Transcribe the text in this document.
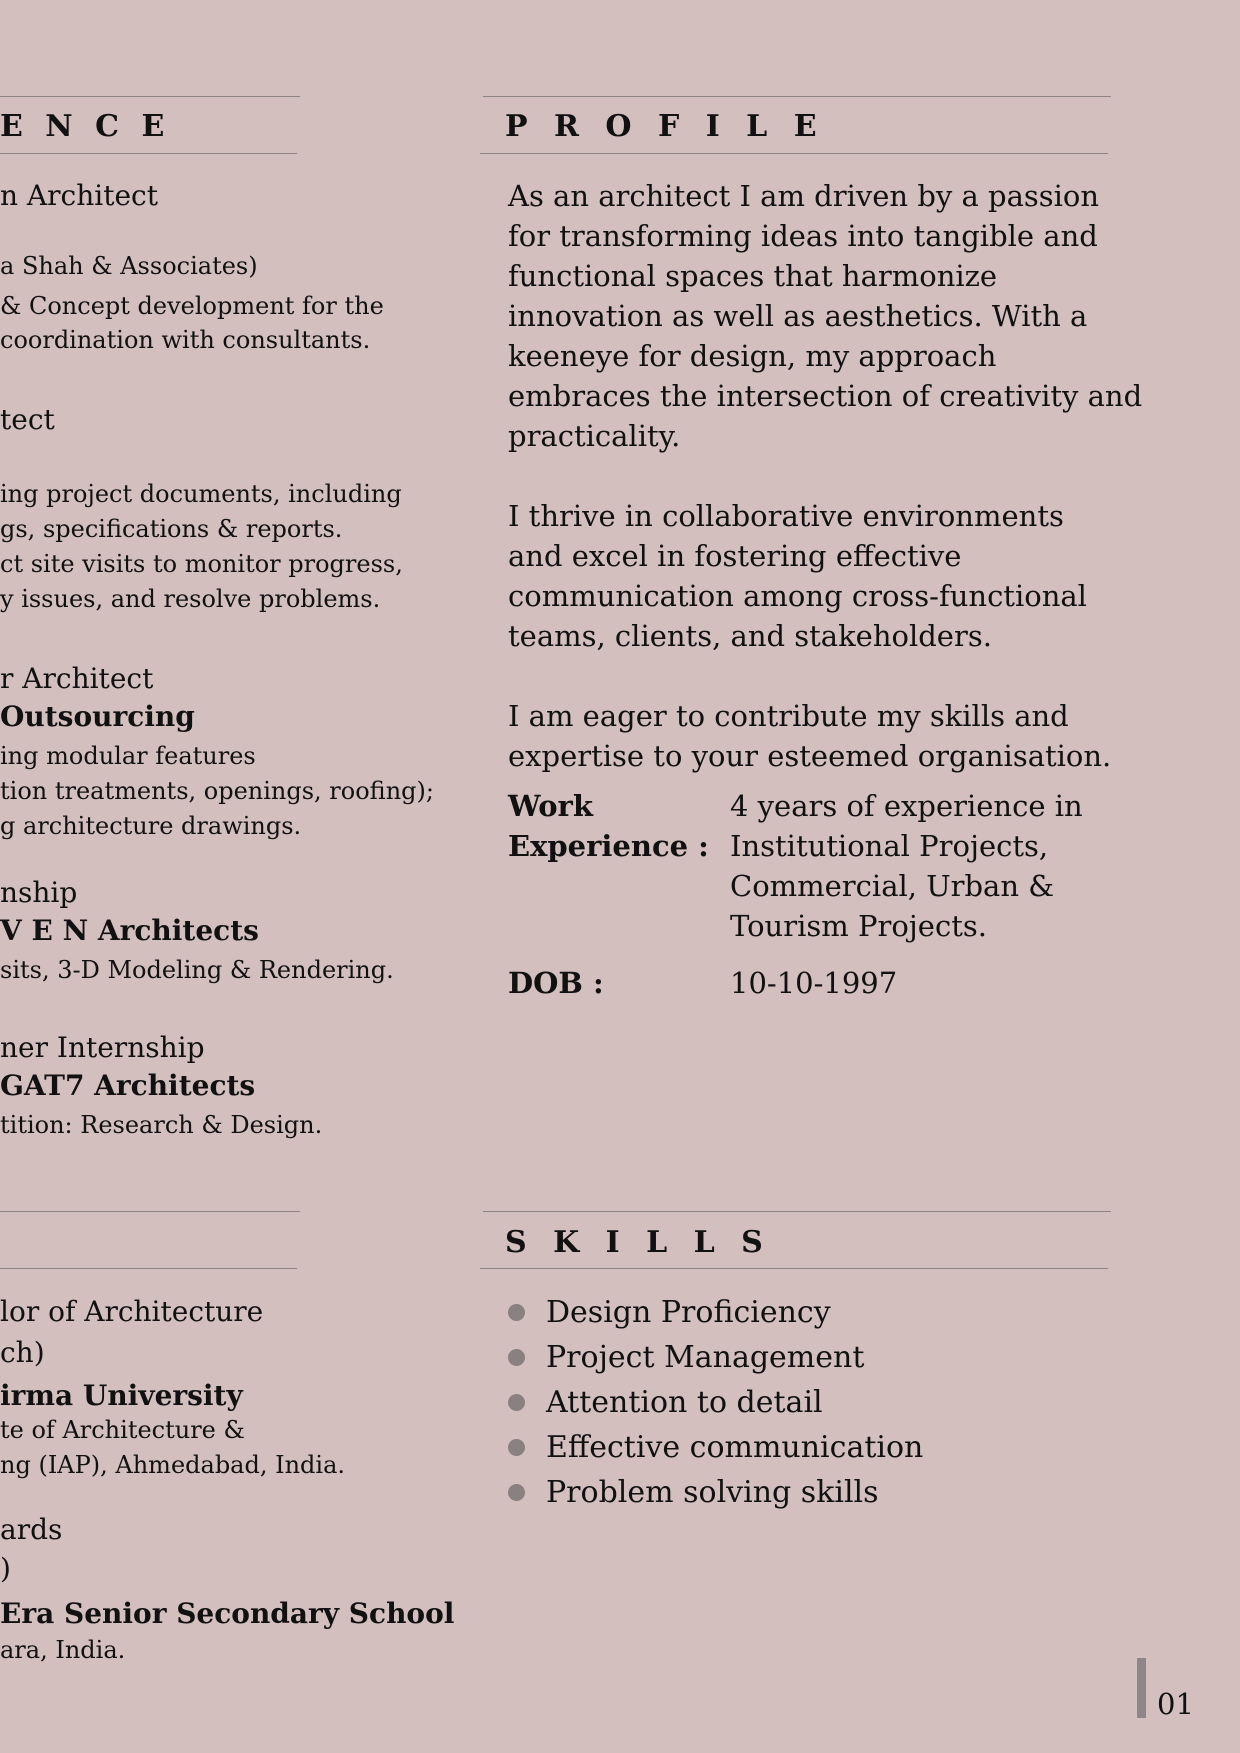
E N C E
n Architect
a Shah & Associates)
& Concept development for the
coordination with consultants.
tect
ing project documents, including
gs, specifications & reports.
ct site visits to monitor progress,
y issues, and resolve problems.
r Architect
Outsourcing
ing modular features
tion treatments, openings, roofing);
g architecture drawings.
nship
V E N Architects
sits, 3-D Modeling & Rendering.
ner Internship
GAT7 Architects
tition: Research & Design.
lor of Architecture
ch)
irma University
te of Architecture &
ng (IAP), Ahmedabad, India.
ards
)
Era Senior Secondary School
ara, India.
P R O F I L E

As an architect I am driven by a passion for transforming ideas into tangible and functional spaces that harmonize innovation as well as aesthetics. With a keeneye for design, my approach embraces the intersection of creativity and practicality.

I thrive in collaborative environments and excel in fostering effective communication among cross-functional teams, clients, and stakeholders.

I am eager to contribute my skills and expertise to your esteemed organisation.

Work
Experience :
4 years of experience in
Institutional Projects,
Commercial, Urban &
Tourism Projects.
DOB :	10-10-1997
S K I L L S
Design Proficiency
Project Management
Attention to detail
Effective communication
Problem solving skills
01
